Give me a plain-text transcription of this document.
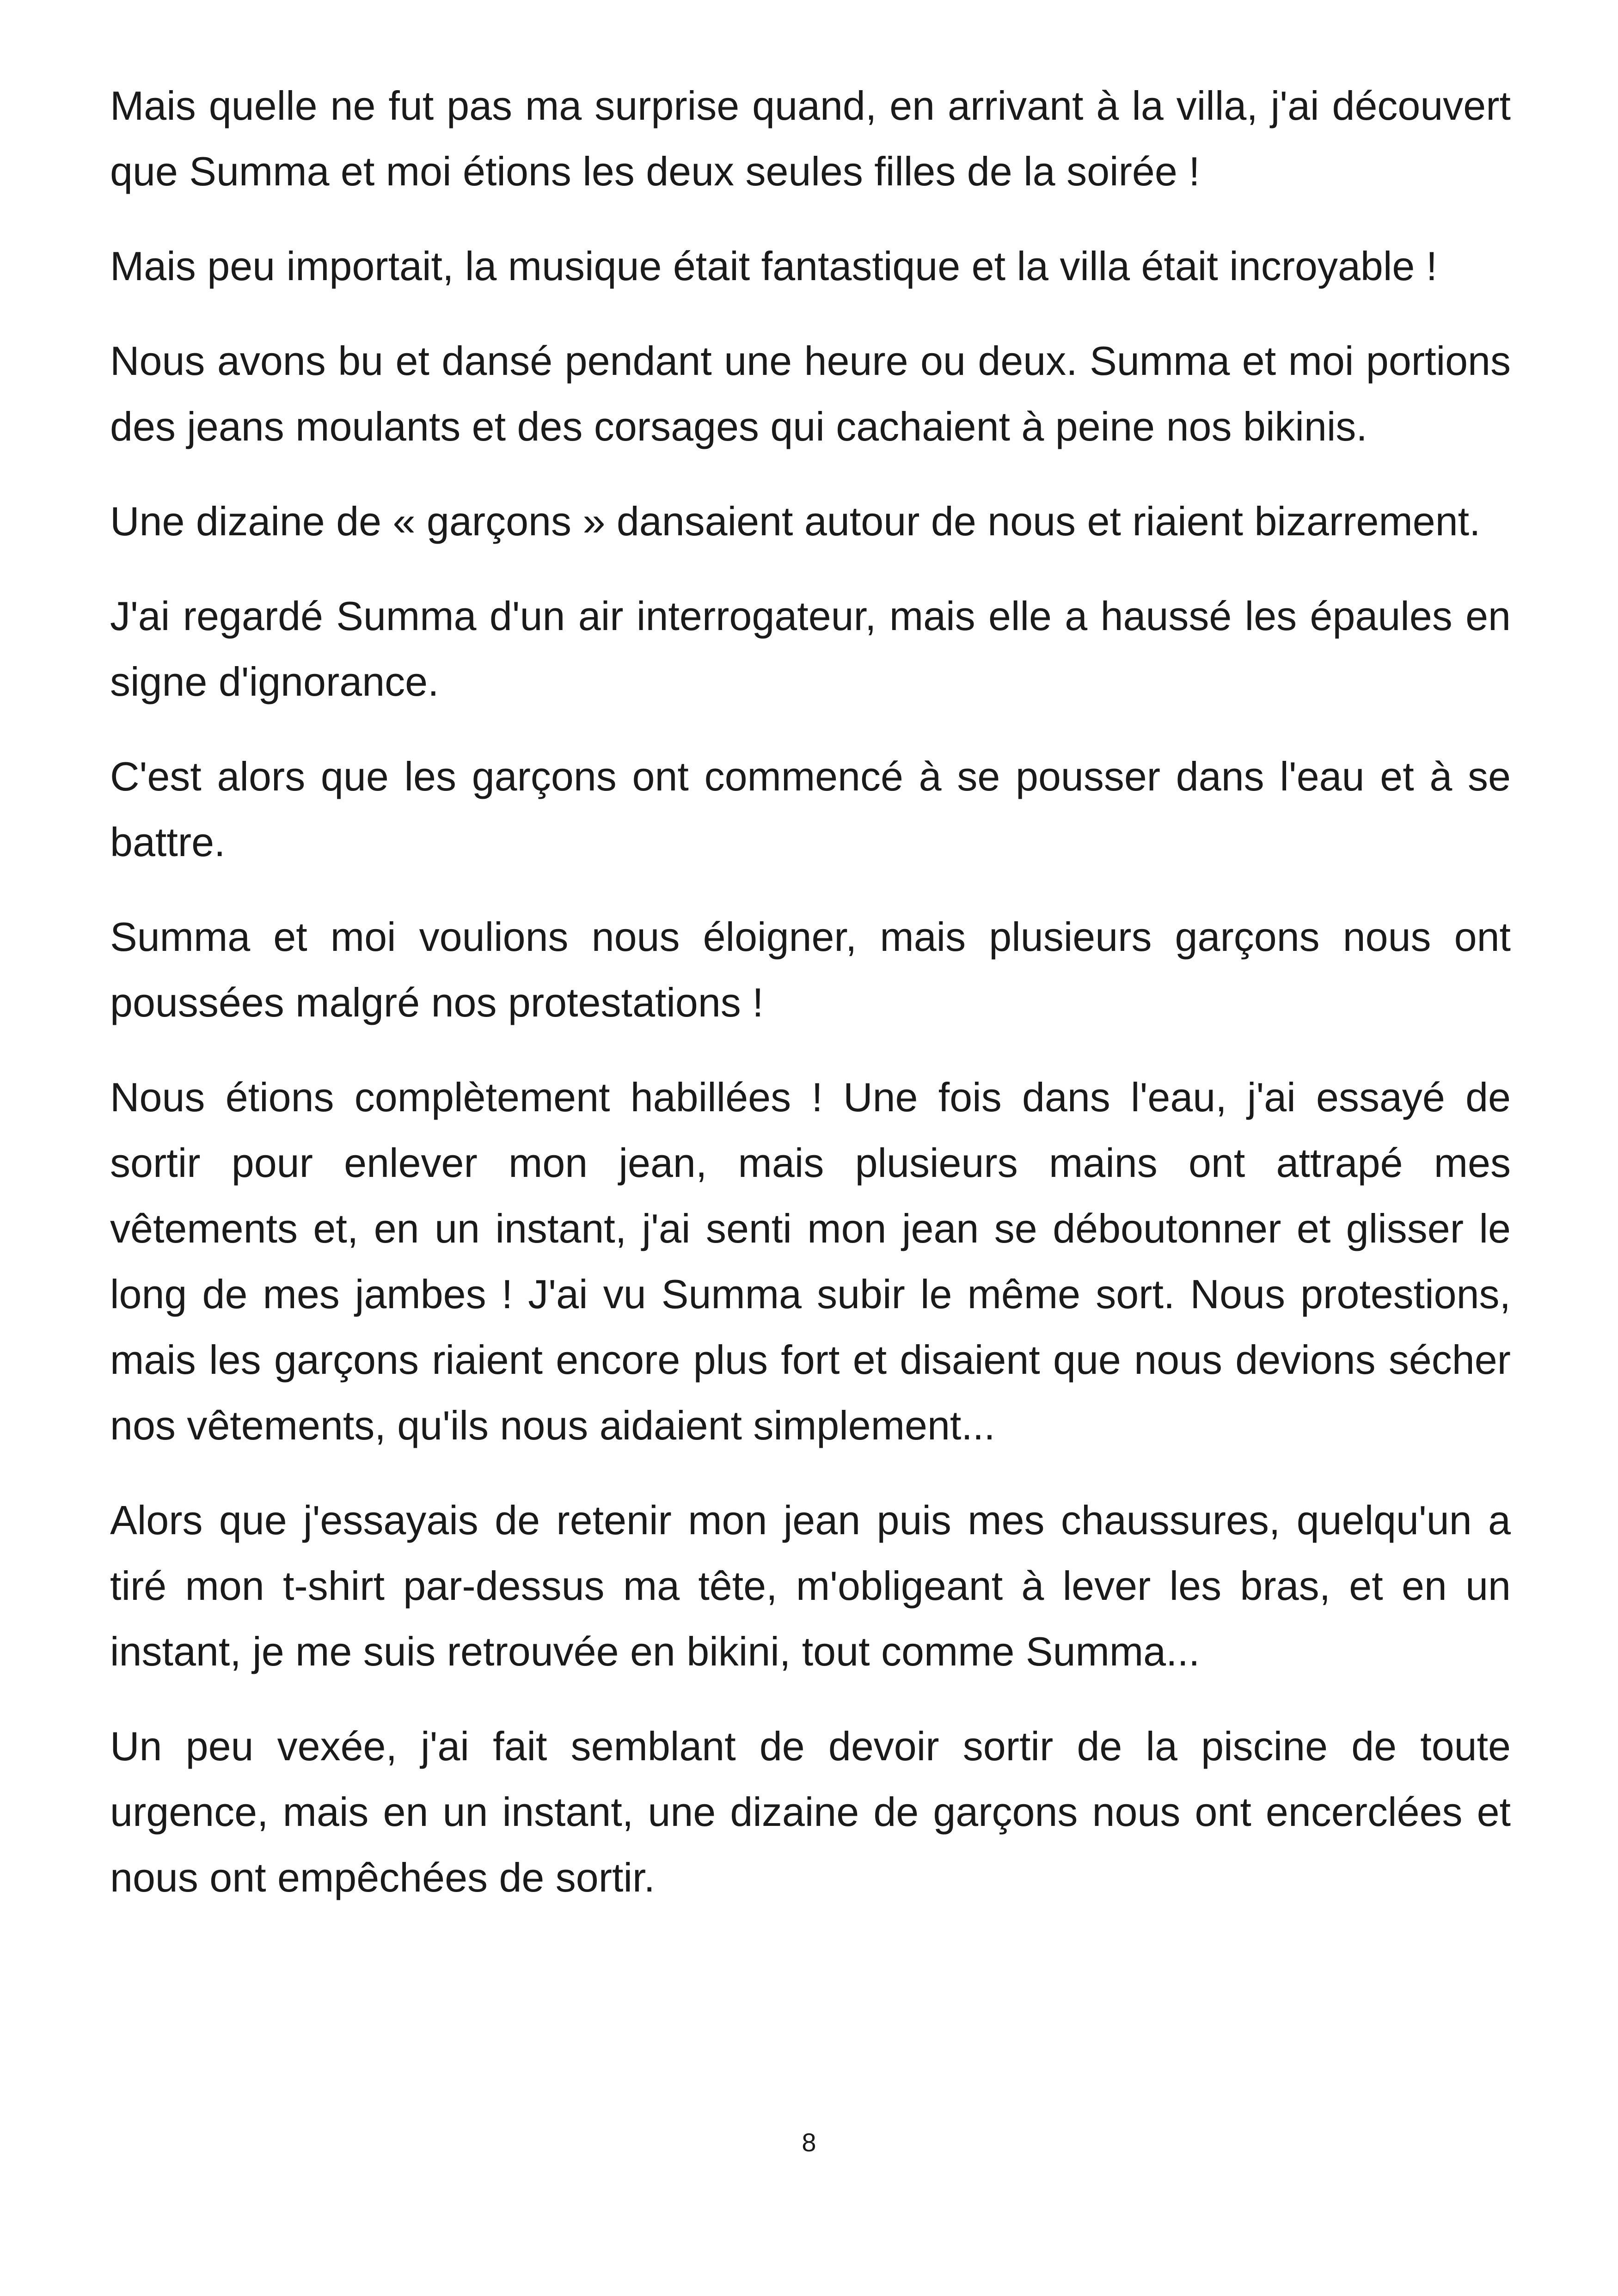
Mais quelle ne fut pas ma surprise quand, en arrivant à la villa, j'ai découvert que Summa et moi étions les deux seules filles de la soirée !

Mais peu importait, la musique était fantastique et la villa était incroyable !

Nous avons bu et dansé pendant une heure ou deux. Summa et moi portions des jeans moulants et des corsages qui cachaient à peine nos bikinis.

Une dizaine de « garçons » dansaient autour de nous et riaient bizarrement.

J'ai regardé Summa d'un air interrogateur, mais elle a haussé les épaules en signe d'ignorance.

C'est alors que les garçons ont commencé à se pousser dans l'eau et à se battre.

Summa et moi voulions nous éloigner, mais plusieurs garçons nous ont poussées malgré nos protestations !

Nous étions complètement habillées ! Une fois dans l'eau, j'ai essayé de sortir pour enlever mon jean, mais plusieurs mains ont attrapé mes vêtements et, en un instant, j'ai senti mon jean se déboutonner et glisser le long de mes jambes ! J'ai vu Summa subir le même sort. Nous protestions, mais les garçons riaient encore plus fort et disaient que nous devions sécher nos vêtements, qu'ils nous aidaient simplement...

Alors que j'essayais de retenir mon jean puis mes chaussures, quelqu'un a tiré mon t-shirt par-dessus ma tête, m'obligeant à lever les bras, et en un instant, je me suis retrouvée en bikini, tout comme Summa...

Un peu vexée, j'ai fait semblant de devoir sortir de la piscine de toute urgence, mais en un instant, une dizaine de garçons nous ont encerclées et nous ont empêchées de sortir.

8
